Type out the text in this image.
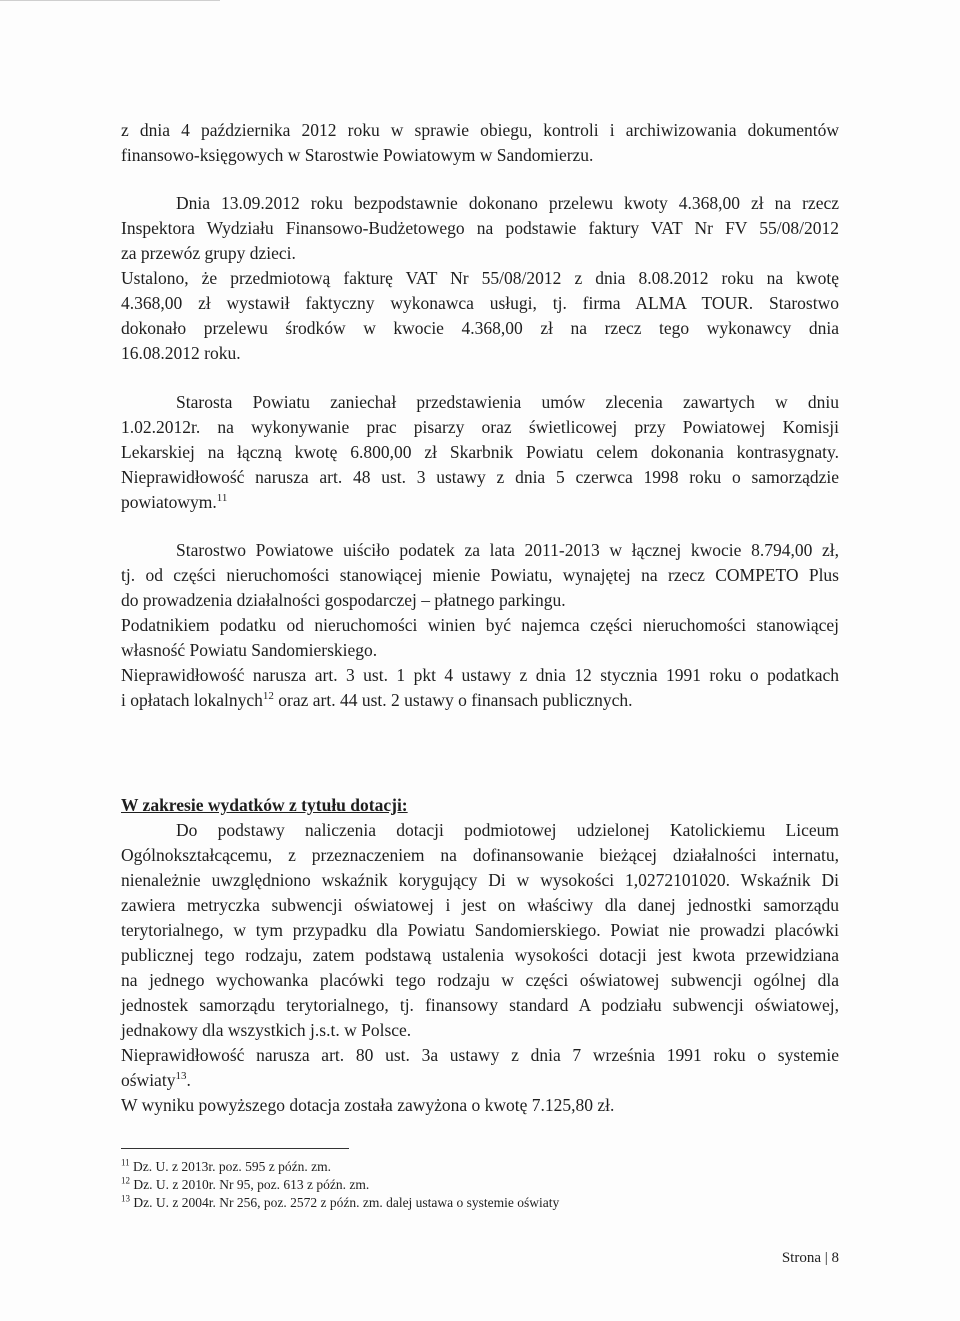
z dnia 4 października 2012 roku w sprawie obiegu, kontroli i archiwizowania dokumentów
finansowo-księgowych w Starostwie Powiatowym w Sandomierzu.
Dnia 13.09.2012 roku bezpodstawnie dokonano przelewu kwoty 4.368,00 zł na rzecz
Inspektora Wydziału Finansowo-Budżetowego na podstawie faktury VAT Nr FV 55/08/2012
za przewóz grupy dzieci.
Ustalono, że przedmiotową fakturę VAT Nr 55/08/2012 z dnia 8.08.2012 roku na kwotę
4.368,00 zł wystawił faktyczny wykonawca usługi, tj. firma ALMA TOUR. Starostwo
dokonało przelewu środków w kwocie 4.368,00 zł na rzecz tego wykonawcy dnia
16.08.2012 roku.
Starosta Powiatu zaniechał przedstawienia umów zlecenia zawartych w dniu
1.02.2012r. na wykonywanie prac pisarzy oraz świetlicowej przy Powiatowej Komisji
Lekarskiej na łączną kwotę 6.800,00 zł Skarbnik Powiatu celem dokonania kontrasygnaty.
Nieprawidłowość narusza art. 48 ust. 3 ustawy z dnia 5 czerwca 1998 roku o samorządzie
powiatowym.$^{11}$
Starostwo Powiatowe uiściło podatek za lata 2011-2013 w łącznej kwocie 8.794,00 zł,
tj. od części nieruchomości stanowiącej mienie Powiatu, wynajętej na rzecz COMPETO Plus
do prowadzenia działalności gospodarczej – płatnego parkingu.
Podatnikiem podatku od nieruchomości winien być najemca części nieruchomości stanowiącej
własność Powiatu Sandomierskiego.
Nieprawidłowość narusza art. 3 ust. 1 pkt 4 ustawy z dnia 12 stycznia 1991 roku o podatkach
i opłatach lokalnych$^{12}$ oraz art. 44 ust. 2 ustawy o finansach publicznych.
W zakresie wydatków z tytułu dotacji:
Do podstawy naliczenia dotacji podmiotowej udzielonej Katolickiemu Liceum
Ogólnokształcącemu, z przeznaczeniem na dofinansowanie bieżącej działalności internatu,
nienależnie uwzględniono wskaźnik korygujący Di w wysokości 1,0272101020. Wskaźnik Di
zawiera metryczka subwencji oświatowej i jest on właściwy dla danej jednostki samorządu
terytorialnego, w tym przypadku dla Powiatu Sandomierskiego. Powiat nie prowadzi placówki
publicznej tego rodzaju, zatem podstawą ustalenia wysokości dotacji jest kwota przewidziana
na jednego wychowanka placówki tego rodzaju w części oświatowej subwencji ogólnej dla
jednostek samorządu terytorialnego, tj. finansowy standard A podziału subwencji oświatowej,
jednakowy dla wszystkich j.s.t. w Polsce.
Nieprawidłowość narusza art. 80 ust. 3a ustawy z dnia 7 września 1991 roku o systemie
oświaty$^{13}$.
W wyniku powyższego dotacja została zawyżona o kwotę 7.125,80 zł.
$^{11}$ Dz. U. z 2013r. poz. 595 z późn. zm.
$^{12}$ Dz. U. z 2010r. Nr 95, poz. 613 z późn. zm.
$^{13}$ Dz. U. z 2004r. Nr 256, poz. 2572 z późn. zm. dalej ustawa o systemie oświaty
Strona | 8
